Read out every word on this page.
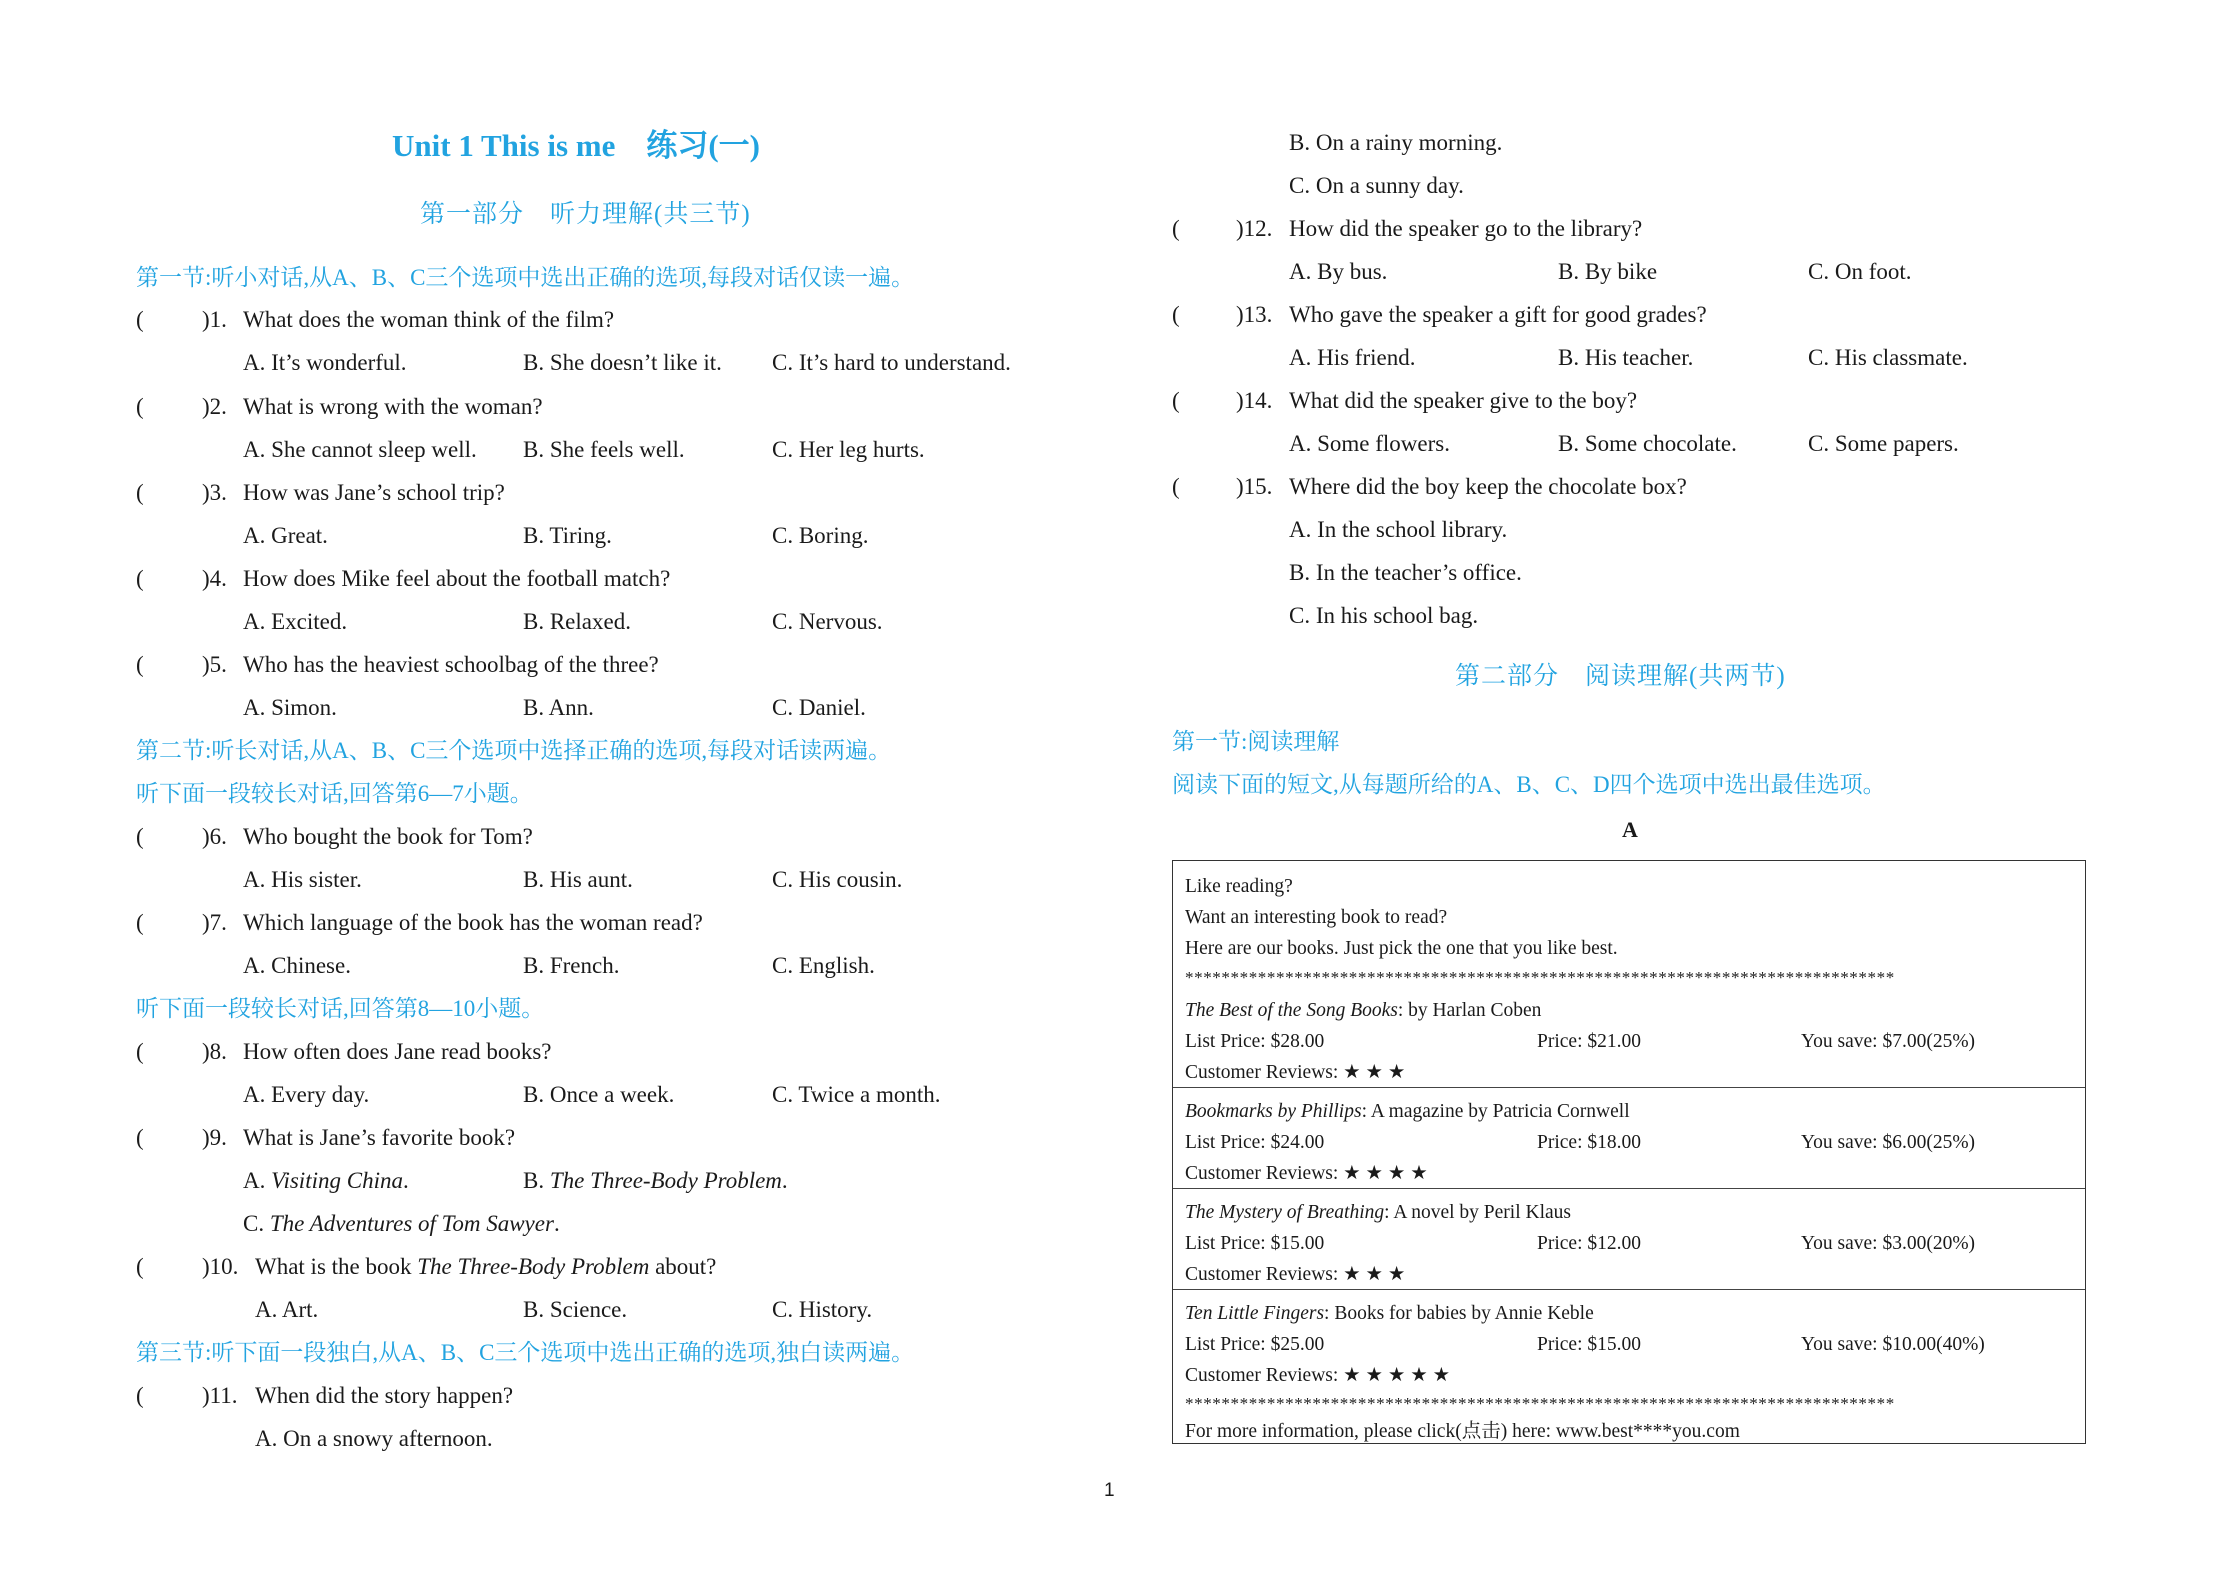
Unit 1 This is me　练习(一)
第一部分　听力理解(共三节)
第一节:听小对话,从A、B、C三个选项中选出正确的选项,每段对话仅读一遍。
(	)1. What does the woman think of the film?
A. It’s wonderful.	B. She doesn’t like it. C. It’s hard to understand.
(	)2. What is wrong with the woman?
A. She cannot sleep well. B. She feels well.	C. Her leg hurts.
(	)3. How was Jane’s school trip?
A. Great.	B. Tiring.	C. Boring.
(	)4. How does Mike feel about the football match?
A. Excited.	B. Relaxed.	C. Nervous.
(	)5. Who has the heaviest schoolbag of the three?
A. Simon.	B. Ann.	C. Daniel.
第二节:听长对话,从A、B、C三个选项中选择正确的选项,每段对话读两遍。
听下面一段较长对话,回答第6—7小题。
(	)6. Who bought the book for Tom?
A. His sister.	B. His aunt.	C. His cousin.
(	)7. Which language of the book has the woman read?
A. Chinese.	B. French.	C. English.
听下面一段较长对话,回答第8—10小题。
(	)8. How often does Jane read books?
A. Every day.	B. Once a week.	C. Twice a month.
(	)9. What is Jane’s favorite book?
A. Visiting China.	B. The Three-Body Problem.
C. The Adventures of Tom Sawyer.
(	)10. What is the book The Three-Body Problem about?
A. Art.	B. Science.	C. History.
第三节:听下面一段独白,从A、B、C三个选项中选出正确的选项,独白读两遍。
(	)11. When did the story happen?
A. On a snowy afternoon.
B. On a rainy morning.
C. On a sunny day.
( )12. How did the speaker go to the library?
A. By bus.	B. By bike	C. On foot.
( )13. Who gave the speaker a gift for good grades?
A. His friend.	B. His teacher.	C. His classmate.
( )14. What did the speaker give to the boy?
A. Some flowers.	B. Some chocolate.	C. Some papers.
( )15. Where did the boy keep the chocolate box?
A. In the school library.
B. In the teacher’s office.
C. In his school bag.
第二部分　阅读理解(共两节)
第一节:阅读理解
阅读下面的短文,从每题所给的A、B、C、D四个选项中选出最佳选项。
A
Like reading?
Want an interesting book to read?
Here are our books. Just pick the one that you like best.
******************************************************************************
The Best of the Song Books: by Harlan Coben
List Price: $28.00	Price: $21.00	You save: $7.00(25%)
Customer Reviews: ★ ★ ★
Bookmarks by Phillips: A magazine by Patricia Cornwell
List Price: $24.00	Price: $18.00	You save: $6.00(25%)
Customer Reviews: ★ ★ ★ ★
The Mystery of Breathing: A novel by Peril Klaus
List Price: $15.00	Price: $12.00	You save: $3.00(20%)
Customer Reviews: ★ ★ ★
Ten Little Fingers: Books for babies by Annie Keble
List Price: $25.00	Price: $15.00	You save: $10.00(40%)
Customer Reviews: ★ ★ ★ ★ ★
******************************************************************************
For more information, please click(点击) here: www.best****you.com
1
